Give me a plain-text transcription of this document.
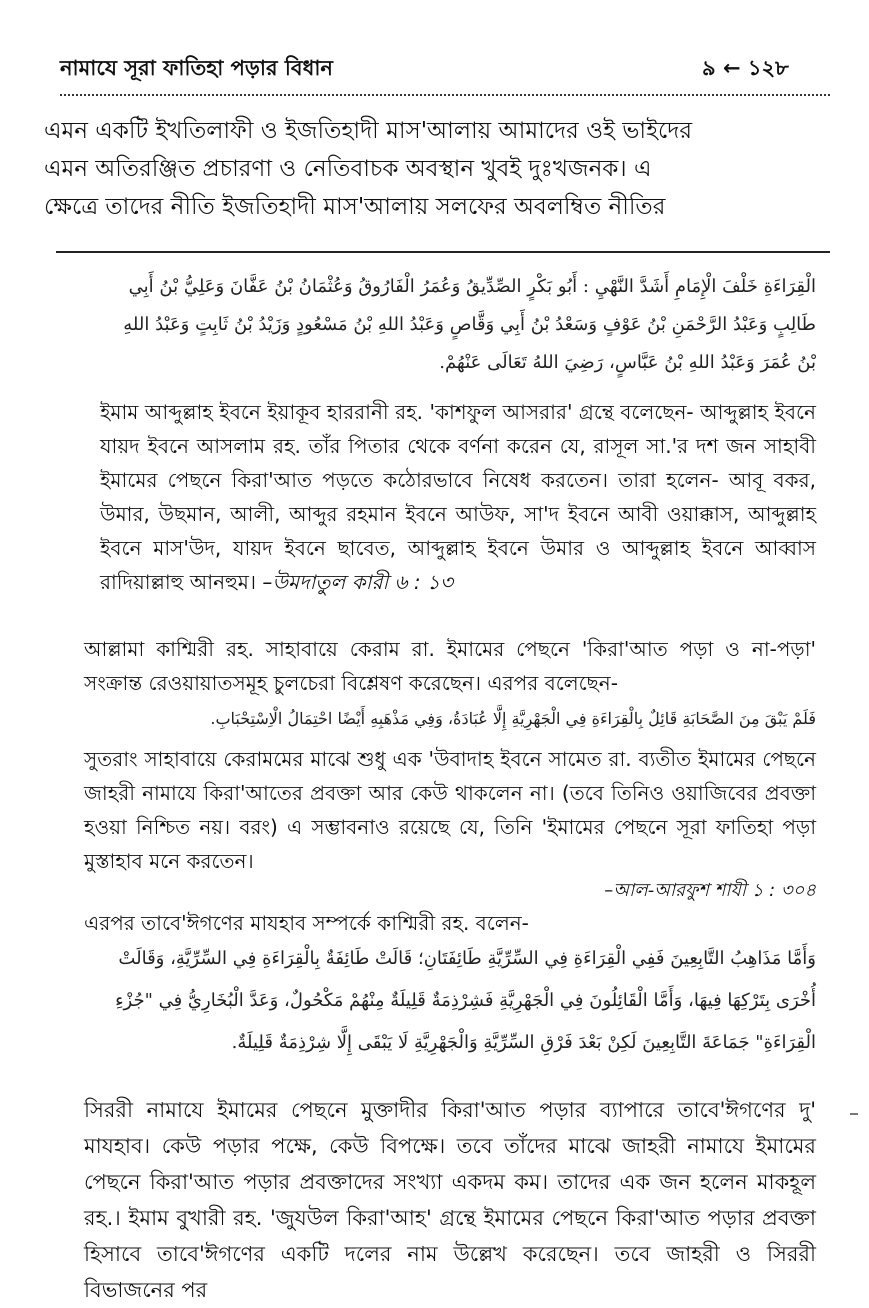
নামাযে সূরা ফাতিহা পড়ার বিধান	৯ ← ১২৮
এমন একটি ইখতিলাফী ও ইজতিহাদী মাস'আলায় আমাদের ওই ভাইদের
এমন অতিরঞ্জিত প্রচারণা ও নেতিবাচক অবস্থান খুবই দুঃখজনক। এ
ক্ষেত্রে তাদের নীতি ইজতিহাদী মাস'আলায় সলফের অবলম্বিত নীতির
الْقِرَاءَةِ خَلْفَ الْإِمَامِ أَشَدَّ النَّهْيِ : أَبُو بَكْرٍ الصِّدِّيقُ وَعُمَرُ الْفَارُوقُ وَعُثْمَانُ بْنُ عَفَّانَ وَعَلِيُّ بْنُ أَبِي طَالِبٍ وَعَبْدُ الرَّحْمَنِ بْنُ عَوْفٍ وَسَعْدُ بْنُ أَبِي وَقَّاصٍ وَعَبْدُ اللهِ بْنُ مَسْعُودٍ وَزَيْدُ بْنُ ثَابِتٍ وَعَبْدُ اللهِ بْنُ عُمَرَ وَعَبْدُ اللهِ بْنُ عَبَّاسٍ، رَضِيَ اللهُ تَعَالَى عَنْهُمْ.
ইমাম আব্দুল্লাহ ইবনে ইয়াকূব হাররানী রহ. 'কাশফুল আসরার' গ্রন্থে বলেছেন- আব্দুল্লাহ ইবনে যায়দ ইবনে আসলাম রহ. তাঁর পিতার থেকে বর্ণনা করেন যে, রাসূল সা.'র দশ জন সাহাবী ইমামের পেছনে কিরা'আত পড়তে কঠোরভাবে নিষেধ করতেন। তারা হলেন- আবূ বকর, উমার, উছমান, আলী, আব্দুর রহমান ইবনে আউফ, সা'দ ইবনে আবী ওয়াক্কাস, আব্দুল্লাহ ইবনে মাস'উদ, যায়দ ইবনে ছাবেত, আব্দুল্লাহ ইবনে উমার ও আব্দুল্লাহ ইবনে আব্বাস রাদিয়াল্লাহু আনহুম। –উমদাতুল কারী ৬ : ১৩
আল্লামা কাশ্মিরী রহ. সাহাবায়ে কেরাম রা. ইমামের পেছনে 'কিরা'আত পড়া ও না-পড়া' সংক্রান্ত রেওয়ায়াতসমূহ চুলচেরা বিশ্লেষণ করেছেন। এরপর বলেছেন-
فَلَمْ يَبْقَ مِنَ الصَّحَابَةِ قَائِلٌ بِالْقِرَاءَةِ فِي الْجَهْرِيَّةِ إِلَّا عُبَادَةُ، وَفِي مَذْهَبِهِ أَيْضًا احْتِمَالُ الْاِسْتِحْبَابِ.
সুতরাং সাহাবায়ে কেরামমের মাঝে শুধু এক 'উবাদাহ ইবনে সামেত রা. ব্যতীত ইমামের পেছনে জাহরী নামাযে কিরা'আতের প্রবক্তা আর কেউ থাকলেন না। (তবে তিনিও ওয়াজিবের প্রবক্তা হওয়া নিশ্চিত নয়। বরং) এ সম্ভাবনাও রয়েছে যে, তিনি 'ইমামের পেছনে সূরা ফাতিহা পড়া মুস্তাহাব মনে করতেন।
–আল-আরফুশ শাযী ১ : ৩০৪
এরপর তাবে'ঈগণের মাযহাব সম্পর্কে কাশ্মিরী রহ. বলেন-
وَأَمَّا مَذَاهِبُ التَّابِعِينَ فَفِي الْقِرَاءَةِ فِي السِّرِّيَّةِ طَائِفَتَانِ؛ قَالَتْ طَائِفَةٌ بِالْقِرَاءَةِ فِي السِّرِّيَّةِ، وَقَالَتْ أُخْرَى بِتَرْكِهَا فِيهَا، وَأَمَّا الْقَائِلُونَ فِي الْجَهْرِيَّةِ فَشِرْذِمَةٌ قَلِيلَةٌ مِنْهُمْ مَكْحُولٌ، وَعَدَّ الْبُخَارِيُّ فِي "جُزْءِ الْقِرَاءَةِ" جَمَاعَةَ التَّابِعِينَ لَكِنْ بَعْدَ فَرْقِ السِّرِّيَّةِ وَالْجَهْرِيَّةِ لَا يَبْقَى إِلَّا شِرْذِمَةٌ قَلِيلَةٌ.
সিররী নামাযে ইমামের পেছনে মুক্তাদীর কিরা'আত পড়ার ব্যাপারে তাবে'ঈগণের দু' মাযহাব। কেউ পড়ার পক্ষে, কেউ বিপক্ষে। তবে তাঁদের মাঝে জাহরী নামাযে ইমামের পেছনে কিরা'আত পড়ার প্রবক্তাদের সংখ্যা একদম কম। তাদের এক জন হলেন মাকহূল রহ.। ইমাম বুখারী রহ. 'জুযউল কিরা'আহ' গ্রন্থে ইমামের পেছনে কিরা'আত পড়ার প্রবক্তা হিসাবে তাবে'ঈগণের একটি দলের নাম উল্লেখ করেছেন। তবে জাহরী ও সিররী বিভাজনের পর
